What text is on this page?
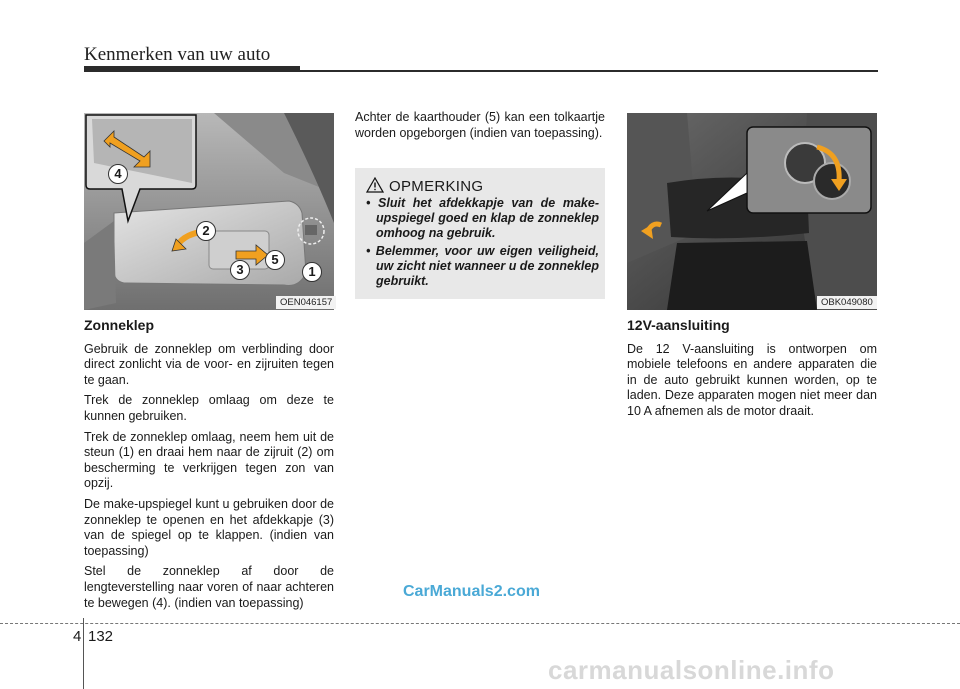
Kenmerken van uw auto
4
2
3
5
1
OEN046157	OBK049080
Zonneklep

Gebruik de zonneklep om verblinding door direct zonlicht via de voor- en zijruiten tegen te gaan.

Trek de zonneklep omlaag om deze te kunnen gebruiken.

Trek de zonneklep omlaag, neem hem uit de steun (1) en draai hem naar de zijruit (2) om bescherming te verkrijgen tegen zon van opzij.

De make-upspiegel kunt u gebruiken door de zonneklep te openen en het afdekkapje (3) van de spiegel op te klappen. (indien van toepassing)

Stel de zonneklep af door de lengteverstelling naar voren of naar achteren te bewegen (4). (indien van toepassing)

Achter de kaarthouder (5) kan een tolkaartje worden opgeborgen (indien van toepassing).
OPMERKING
• Sluit het afdekkapje van de make-upspiegel goed en klap de zonneklep omhoog na gebruik.
• Belemmer, voor uw eigen veiligheid, uw zicht niet wanneer u de zonneklep gebruikt.
12V-aansluiting

De 12 V-aansluiting is ontworpen om mobiele telefoons en andere apparaten die in de auto gebruikt kunnen worden, op te laden. Deze apparaten mogen niet meer dan 10 A afnemen als de motor draait.

CarManuals2.com
4 132
carmanualsonline.info
